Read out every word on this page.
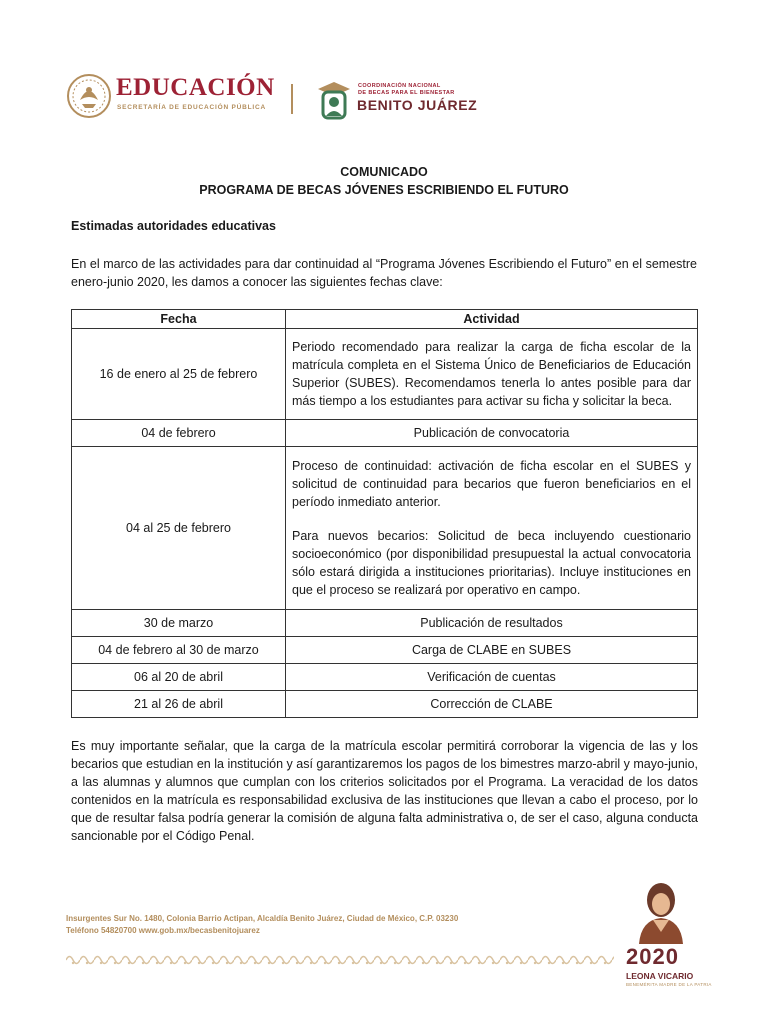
EDUCACIÓN
SECRETARÍA DE EDUCACIÓN PÚBLICA
COORDINACIÓN NACIONAL
DE BECAS PARA EL BIENESTAR
BENITO JUÁREZ
COMUNICADO
PROGRAMA DE BECAS JÓVENES ESCRIBIENDO EL FUTURO
Estimadas autoridades educativas

En el marco de las actividades para dar continuidad al “Programa Jóvenes Escribiendo el Futuro” en el semestre enero-junio 2020, les damos a conocer las siguientes fechas clave:

Fecha	Actividad
16 de enero al 25 de febrero	Periodo recomendado para realizar la carga de ficha escolar de la matrícula completa en el Sistema Único de Beneficiarios de Educación Superior (SUBES). Recomendamos tenerla lo antes posible para dar más tiempo a los estudiantes para activar su ficha y solicitar la beca.
04 de febrero	Publicación de convocatoria
04 al 25 de febrero	Proceso de continuidad: activación de ficha escolar en el SUBES y solicitud de continuidad para becarios que fueron beneficiarios en el período inmediato anterior.
Para nuevos becarios: Solicitud de beca incluyendo cuestionario socioeconómico (por disponibilidad presupuestal la actual convocatoria sólo estará dirigida a instituciones prioritarias). Incluye instituciones en que el proceso se realizará por operativo en campo.

30 de marzo	Publicación de resultados
04 de febrero al 30 de marzo	Carga de CLABE en SUBES
06 al 20 de abril	Verificación de cuentas
21 al 26 de abril	Corrección de CLABE

Es muy importante señalar, que la carga de la matrícula escolar permitirá corroborar la vigencia de las y los becarios que estudian en la institución y así garantizaremos los pagos de los bimestres marzo-abril y mayo-junio, a las alumnas y alumnos que cumplan con los criterios solicitados por el Programa. La veracidad de los datos contenidos en la matrícula es responsabilidad exclusiva de las instituciones que llevan a cabo el proceso, por lo que de resultar falsa podría generar la comisión de alguna falta administrativa o, de ser el caso, alguna conducta sancionable por el Código Penal.

Insurgentes Sur No. 1480, Colonia Barrio Actipan, Alcaldía Benito Juárez, Ciudad de México, C.P. 03230
Teléfono 54820700 www.gob.mx/becasbenitojuarez
2020
LEONA VICARIO
BENEMÉRITA MADRE DE LA PATRIA
